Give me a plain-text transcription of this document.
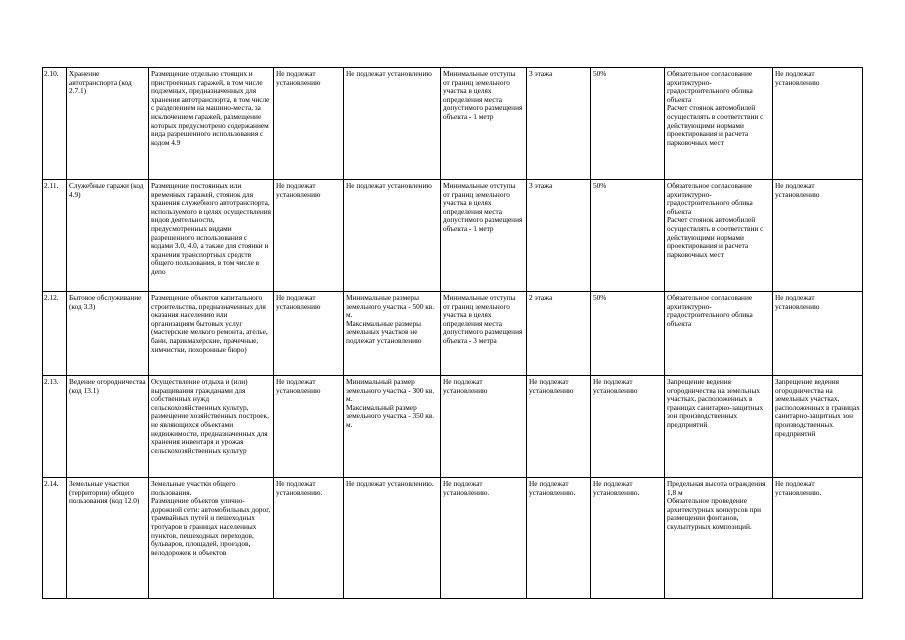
2.10.	Хранение автотранспорта (код 2.7.1)	Размещение отдельно стоящих и пристроенных гаражей, в том числе подземных, предназначенных для хранения автотранспорта, в том числе с разделением на машино-места, за исключением гаражей, размещение которых предусмотрено содержанием вида разрешенного использования с кодом 4.9	Не подлежат установлению	Не подлежат установлению	Минимальные отступы от границ земельного участка в целях определения места допустимого размещения объекта - 1 метр	3 этажа	50%	Обязательное согласование архитектурно-градостроительного облика объекта
Расчет стоянок автомобилей осуществлять в соответствии с действующими нормами проектирования и расчета парковочных мест	Не подлежат установлению
2.11.	Служебные гаражи (код 4.9)	Размещение постоянных или временных гаражей, стоянок для хранения служебного автотранспорта, используемого в целях осуществления видов деятельности, предусмотренных видами разрешенного использования с кодами 3.0, 4.0, а также для стоянки и хранения транспортных средств общего пользования, в том числе в депо	Не подлежат установлению	Не подлежат установлению	Минимальные отступы от границ земельного участка в целях определения места допустимого размещения объекта - 1 метр	3 этажа	50%	Обязательное согласование архитектурно-градостроительного облика объекта
Расчет стоянок автомобилей осуществлять в соответствии с действующими нормами проектирования и расчета парковочных мест	Не подлежат установлению
2.12.	Бытовое обслуживание (код 3.3)	Размещение объектов капитального строительства, предназначенных для оказания населению или организациям бытовых услуг (мастерские мелкого ремонта, ателье, бани, парикмахерские, прачечные, химчистки, похоронные бюро)	Не подлежат установлению	Минимальные размеры земельного участка - 500 кв. м.
Максимальные размеры земельных участков не подлежат установлению	Минимальные отступы от границ земельного участка в целях определения места допустимого размещения объекта - 3 метра	2 этажа	50%	Обязательное согласование архитектурно-градостроительного облика объекта	Не подлежат установлению
2.13.	Ведение огородничества (код 13.1)	Осуществление отдыха и (или) выращивания гражданами для собственных нужд сельскохозяйственных культур, размещение хозяйственных построек, не являющихся объектами недвижимости, предназначенных для хранения инвентаря и урожая сельскохозяйственных культур	Не подлежат установлению	Минимальный размер земельного участка - 300 кв. м.
Максимальный размер земельного участка - 350 кв. м.	Не подлежат установлению	Не подлежат установлению	Не подлежат установлению	Запрещение ведения огородничества на земельных участках, расположенных в границах санитарно-защитных зон производственных предприятий	Запрещение ведения огородничества на земельных участках, расположенных в границах санитарно-защитных зон производственных предприятий
2.14.	Земельные участки (территории) общего пользования (код 12.0)	Земельные участки общего пользования.
Размещение объектов улично-дорожной сети: автомобильных дорог, трамвайных путей и пешеходных тротуаров в границах населенных пунктов, пешеходных переходов, бульваров, площадей, проездов, велодорожек и объектов	Не подлежат установлению.	Не подлежат установлению.	Не подлежат установлению.	Не подлежат установлению.	Не подлежат установлению.	Предельная высота ограждения 1,8 м
Обязательное проведение архитектурных конкурсов при размещении фонтанов, скульптурных композиций.	Не подлежат установлению.
